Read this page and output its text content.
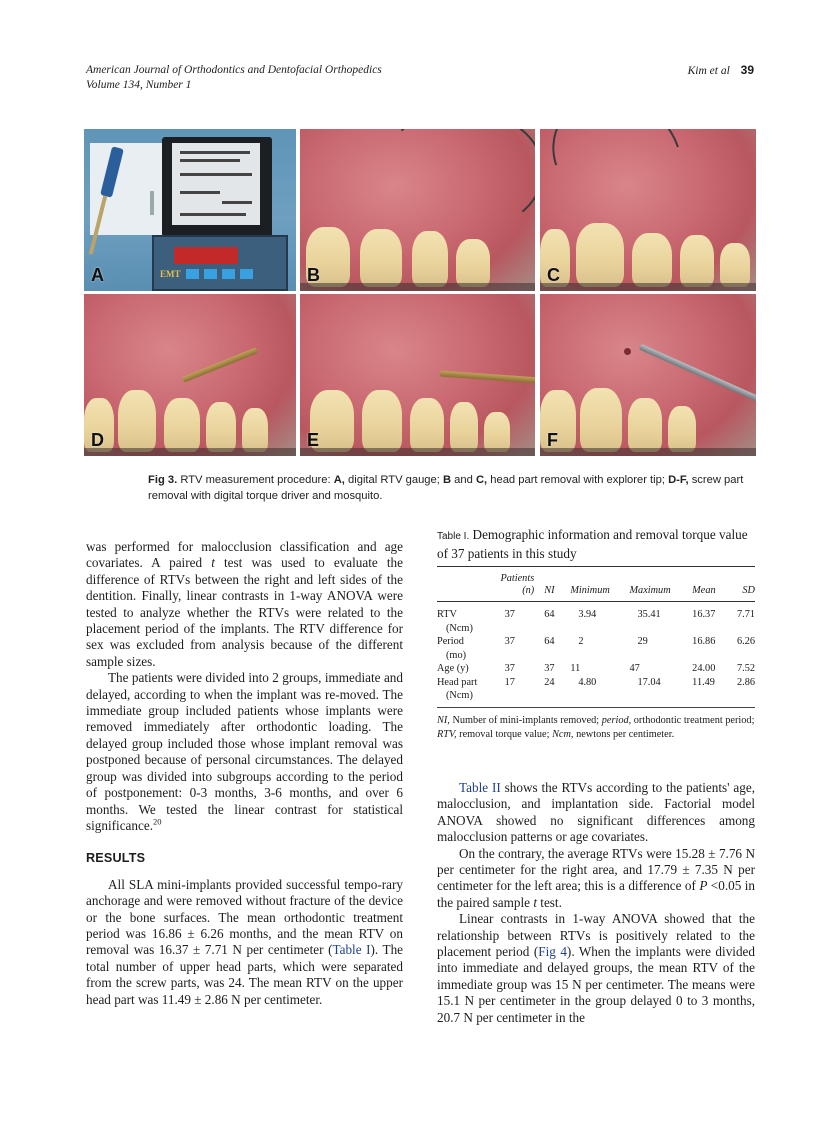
American Journal of Orthodontics and Dentofacial Orthopedics
Volume 134, Number 1
Kim et al 39
EMT
A	B	C
D	E	F
Fig 3. RTV measurement procedure: A, digital RTV gauge; B and C, head part removal with explorer tip; D-F, screw part removal with digital torque driver and mosquito.

was performed for malocclusion classification and age covariates. A paired t test was used to evaluate the difference of RTVs between the right and left sides of the dentition. Finally, linear contrasts in 1-way ANOVA were tested to analyze whether the RTVs were related to the placement period of the implants. The RTV difference for sex was excluded from analysis because of the different sample sizes.

The patients were divided into 2 groups, immediate and delayed, according to when the implant was re-moved. The immediate group included patients whose implants were removed immediately after orthodontic loading. The delayed group included those whose implant removal was postponed because of personal circumstances. The delayed group was divided into subgroups according to the period of postponement: 0-3 months, 3-6 months, and over 6 months. We tested the linear contrast for statistical significance.$^{20}$

RESULTS

All SLA mini-implants provided successful tempo-rary anchorage and were removed without fracture of the device or the bone surfaces. The mean orthodontic treatment period was 16.86 ± 6.26 months, and the mean RTV on removal was 16.37 ± 7.71 N per centimeter (Table I). The total number of upper head parts, which were separated from the screw parts, was 24. The mean RTV on the upper head part was 11.49 ± 2.86 N per centimeter.

Table I. Demographic information and removal torque value of 37 patients in this study
	Patients
(n)	NI	Minimum	Maximum	Mean	SD
RTV
(Ncm)	37	64	3.94	35.41	16.37	7.71
Period
(mo)	37	64	2	29	16.86	6.26
Age (y)	37	37	11	47	24.00	7.52
Head part
(Ncm)	17	24	4.80	17.04	11.49	2.86
NI, Number of mini-implants removed; period, orthodontic treatment period; RTV, removal torque value; Ncm, newtons per centimeter.

Table II shows the RTVs according to the patients' age, malocclusion, and implantation side. Factorial model ANOVA showed no significant differences among malocclusion patterns or age covariates.

On the contrary, the average RTVs were 15.28 ± 7.76 N per centimeter for the right area, and 17.79 ± 7.35 N per centimeter for the left area; this is a difference of P <0.05 in the paired sample t test.

Linear contrasts in 1-way ANOVA showed that the relationship between RTVs is positively related to the placement period (Fig 4). When the implants were divided into immediate and delayed groups, the mean RTV of the immediate group was 15 N per centimeter. The means were 15.1 N per centimeter in the group delayed 0 to 3 months, 20.7 N per centimeter in the
